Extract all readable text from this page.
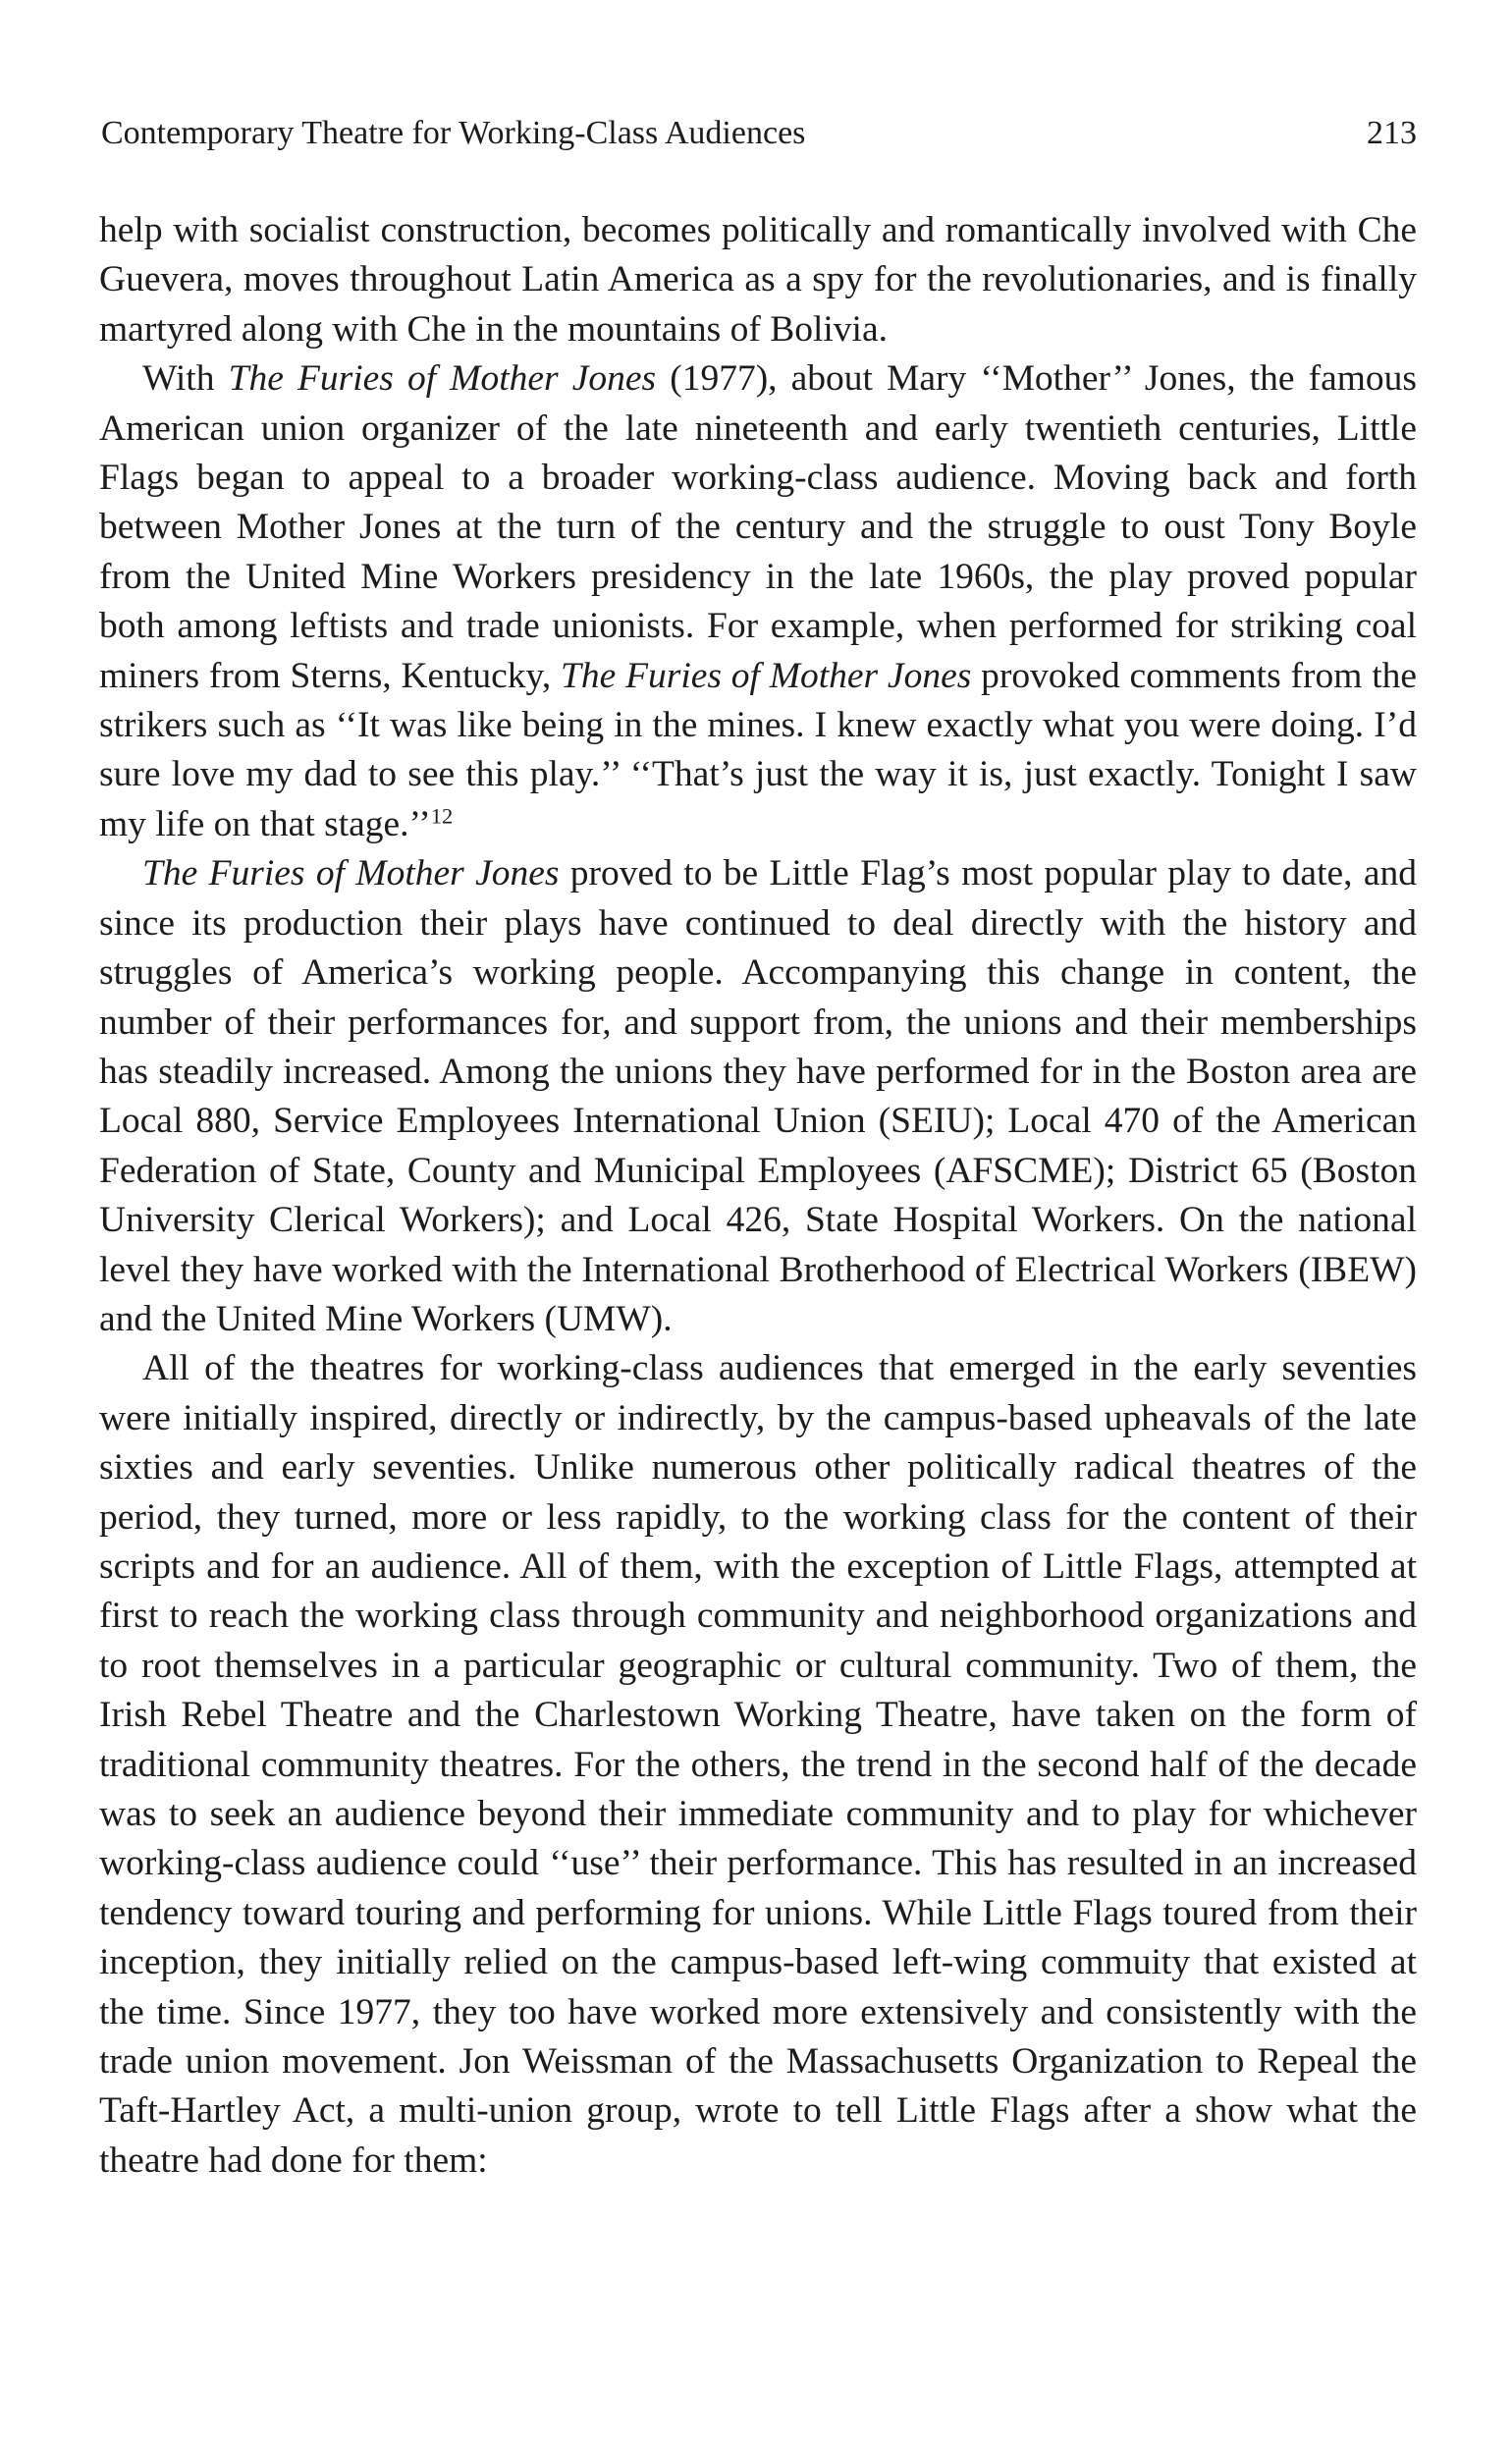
Contemporary Theatre for Working-Class Audiences	213

help with socialist construction, becomes politically and romantically involved with Che Guevera, moves throughout Latin America as a spy for the revolutionaries, and is finally martyred along with Che in the mountains of Bolivia.

With The Furies of Mother Jones (1977), about Mary ‘‘Mother’’ Jones, the famous American union organizer of the late nineteenth and early twentieth centuries, Little Flags began to appeal to a broader working-class audience. Moving back and forth between Mother Jones at the turn of the century and the struggle to oust Tony Boyle from the United Mine Workers presidency in the late 1960s, the play proved popular both among leftists and trade unionists. For example, when performed for striking coal miners from Sterns, Kentucky, The Furies of Mother Jones provoked comments from the strikers such as ‘‘It was like being in the mines. I knew exactly what you were doing. I’d sure love my dad to see this play.’’ ‘‘That’s just the way it is, just exactly. Tonight I saw my life on that stage.’’$^{12}$

The Furies of Mother Jones proved to be Little Flag’s most popular play to date, and since its production their plays have continued to deal directly with the history and struggles of America’s working people. Accompanying this change in content, the number of their performances for, and support from, the unions and their memberships has steadily increased. Among the unions they have performed for in the Boston area are Local 880, Service Employees International Union (SEIU); Local 470 of the American Federation of State, County and Municipal Employees (AFSCME); District 65 (Boston University Clerical Workers); and Local 426, State Hospital Workers. On the national level they have worked with the International Brotherhood of Electrical Workers (IBEW) and the United Mine Workers (UMW).

All of the theatres for working-class audiences that emerged in the early seventies were initially inspired, directly or indirectly, by the campus-based upheavals of the late sixties and early seventies. Unlike numerous other politically radical theatres of the period, they turned, more or less rapidly, to the working class for the content of their scripts and for an audience. All of them, with the exception of Little Flags, attempted at first to reach the working class through community and neighborhood organizations and to root themselves in a particular geographic or cultural community. Two of them, the Irish Rebel Theatre and the Charlestown Working Theatre, have taken on the form of traditional community theatres. For the others, the trend in the second half of the decade was to seek an audience beyond their immediate community and to play for whichever working-class audience could ‘‘use’’ their performance. This has resulted in an increased tendency toward touring and performing for unions. While Little Flags toured from their inception, they initially relied on the campus-based left-wing commuity that existed at the time. Since 1977, they too have worked more extensively and consistently with the trade union movement. Jon Weissman of the Massachusetts Organization to Repeal the Taft-Hartley Act, a multi-union group, wrote to tell Little Flags after a show what the theatre had done for them:
